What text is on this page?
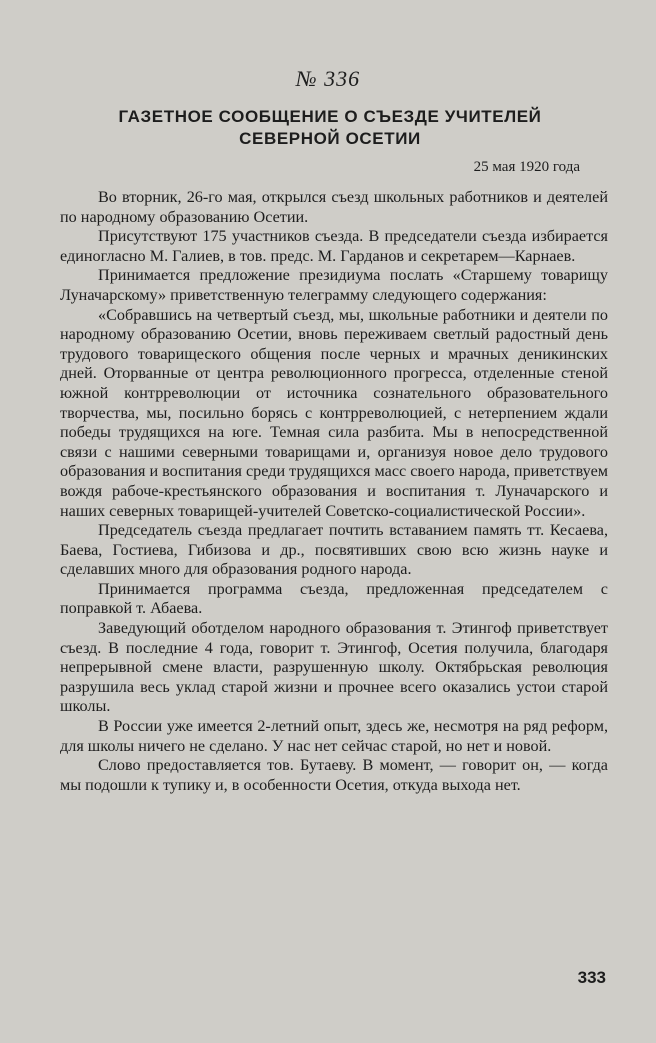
№ 336
ГАЗЕТНОЕ СООБЩЕНИЕ О СЪЕЗДЕ УЧИТЕЛЕЙ
СЕВЕРНОЙ ОСЕТИИ
25 мая 1920 года

Во вторник, 26-го мая, открылся съезд школьных работников и деятелей по народному образованию Осетии.

Присутствуют 175 участников съезда. В председатели съезда избирается единогласно М. Галиев, в тов. предс. М. Гарданов и секретарем—Карнаев.

Принимается предложение президиума послать «Старшему товарищу Луначарскому» приветственную телеграмму следующего содержания:

«Собравшись на четвертый съезд, мы, школьные работники и деятели по народному образованию Осетии, вновь переживаем светлый радостный день трудового товарищеского общения после черных и мрачных деникинских дней. Оторванные от центра революционного прогресса, отделенные стеной южной контрреволюции от источника сознательного образовательного творчества, мы, посильно борясь с контрреволюцией, с нетерпением ждали победы трудящихся на юге. Темная сила разбита. Мы в непосредственной связи с нашими северными товарищами и, организуя новое дело трудового образования и воспитания среди трудящихся масс своего народа, приветствуем вождя рабоче-крестьянского образования и воспитания т. Луначарского и наших северных товарищей-учителей Советско-социалистической России».

Председатель съезда предлагает почтить вставанием память тт. Кесаева, Баева, Гостиева, Гибизова и др., посвятивших свою всю жизнь науке и сделавших много для образования родного народа.

Принимается программа съезда, предложенная председателем с поправкой т. Абаева.

Заведующий оботделом народного образования т. Этингоф приветствует съезд. В последние 4 года, говорит т. Этингоф, Осетия получила, благодаря непрерывной смене власти, разрушенную школу. Октябрьская революция разрушила весь уклад старой жизни и прочнее всего оказались устои старой школы.

В России уже имеется 2-летний опыт, здесь же, несмотря на ряд реформ, для школы ничего не сделано. У нас нет сейчас старой, но нет и новой.

Слово предоставляется тов. Бутаеву. В момент, — говорит он, — когда мы подошли к тупику и, в особенности Осетия, откуда выхода нет.

333
